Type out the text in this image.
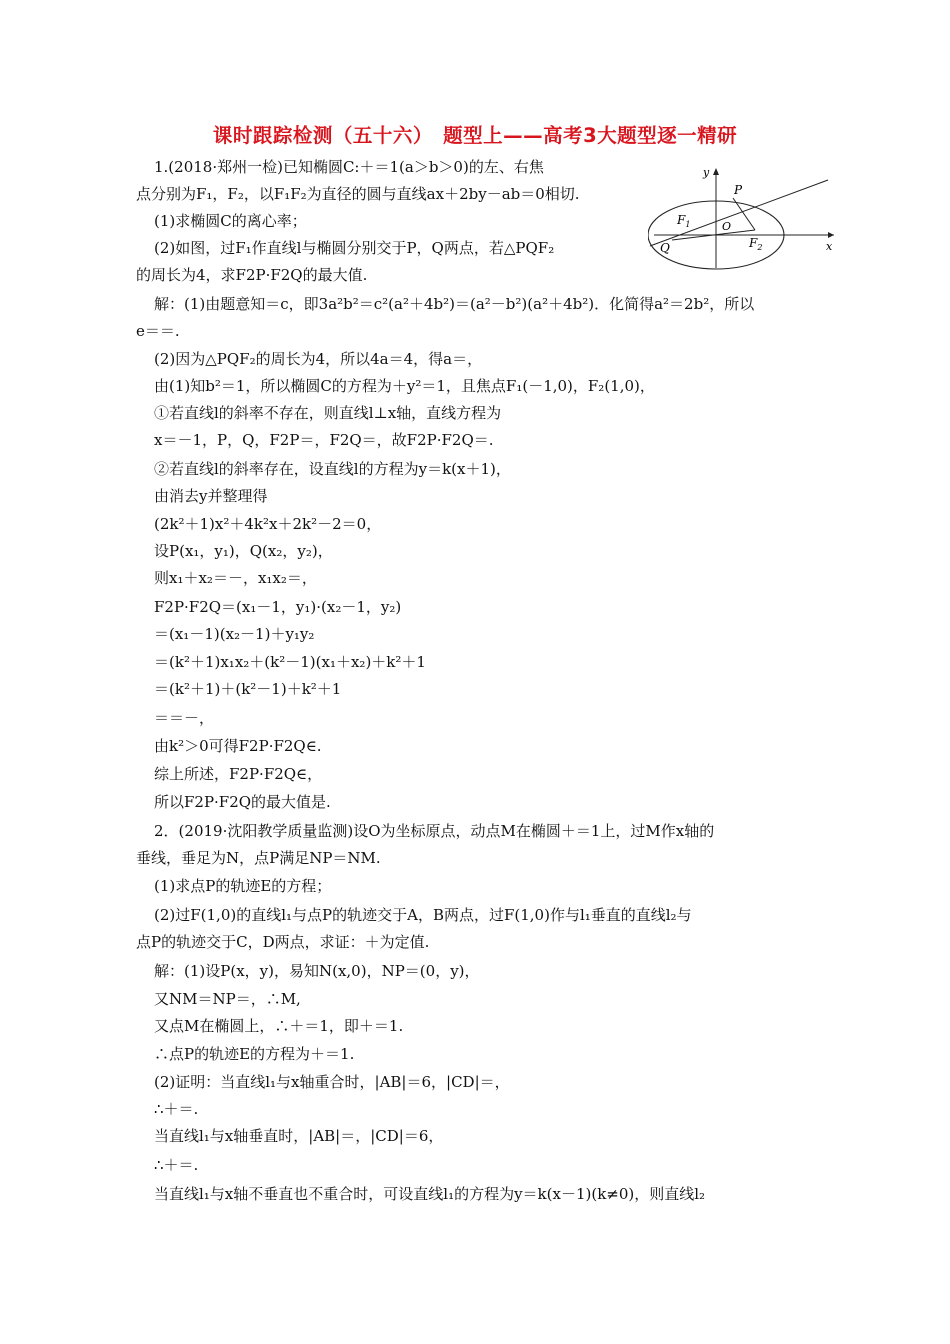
课时跟踪检测（五十六）　题型上——高考3大题型逐一精研
y
x
P
O
$F_1$
$F_2$
Q
1.(2018·郑州一检)已知椭圆C:＋＝1(a＞b＞0)的左、右焦
点分别为F₁，F₂，以F₁F₂为直径的圆与直线ax＋2by－ab＝0相切.
(1)求椭圆C的离心率；
(2)如图，过F₁作直线l与椭圆分别交于P，Q两点，若△PQF₂
的周长为4，求F2P·F2Q的最大值.
解：(1)由题意知＝c，即3a²b²＝c²(a²＋4b²)＝(a²－b²)(a²＋4b²)．化简得a²＝2b²，所以
e＝＝.
(2)因为△PQF₂的周长为4，所以4a＝4，得a＝，
由(1)知b²＝1，所以椭圆C的方程为＋y²＝1，且焦点F₁(－1,0)，F₂(1,0)，
①若直线l的斜率不存在，则直线l⊥x轴，直线方程为
x＝－1，P，Q，F2P＝，F2Q＝，故F2P·F2Q＝.
②若直线l的斜率存在，设直线l的方程为y＝k(x＋1)，
由消去y并整理得
(2k²＋1)x²＋4k²x＋2k²－2＝0，
设P(x₁，y₁)，Q(x₂，y₂)，
则x₁＋x₂＝－，x₁x₂＝，
F2P·F2Q＝(x₁－1，y₁)·(x₂－1，y₂)
＝(x₁－1)(x₂－1)＋y₁y₂
＝(k²＋1)x₁x₂＋(k²－1)(x₁＋x₂)＋k²＋1
＝(k²＋1)＋(k²－1)＋k²＋1
＝＝－，
由k²＞0可得F2P·F2Q∈.
综上所述，F2P·F2Q∈，
所以F2P·F2Q的最大值是.
2．(2019·沈阳教学质量监测)设O为坐标原点，动点M在椭圆＋＝1上，过M作x轴的
垂线，垂足为N，点P满足NP＝NM.
(1)求点P的轨迹E的方程；
(2)过F(1,0)的直线l₁与点P的轨迹交于A，B两点，过F(1,0)作与l₁垂直的直线l₂与
点P的轨迹交于C，D两点，求证：＋为定值.
解：(1)设P(x，y)，易知N(x,0)，NP＝(0，y)，
又NM＝NP＝，∴M,
又点M在椭圆上，∴＋＝1，即＋＝1.
∴点P的轨迹E的方程为＋＝1.
(2)证明：当直线l₁与x轴重合时，|AB|＝6，|CD|＝，
∴＋＝.
当直线l₁与x轴垂直时，|AB|＝，|CD|＝6，
∴＋＝.
当直线l₁与x轴不垂直也不重合时，可设直线l₁的方程为y＝k(x－1)(k≠0)，则直线l₂
